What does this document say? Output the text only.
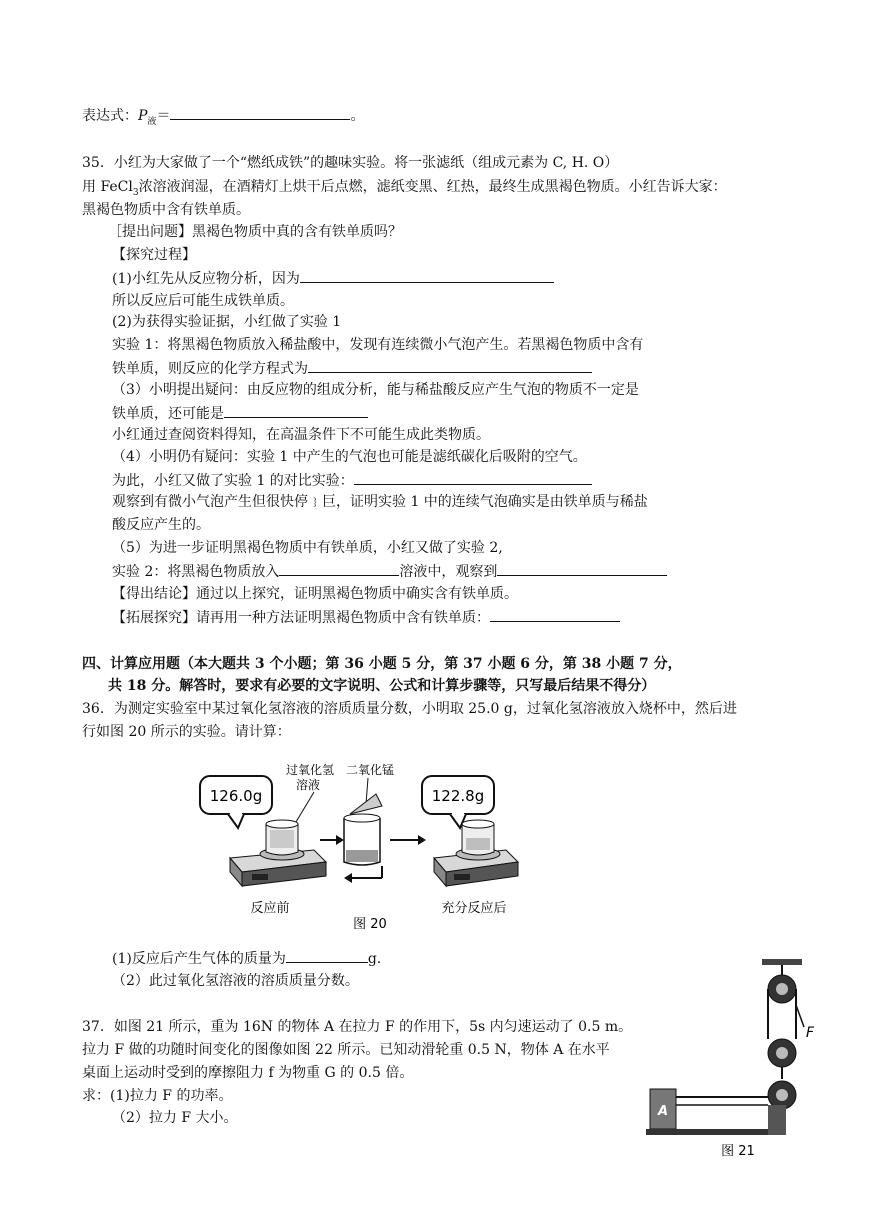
表达式：$P_液=$	。
35．小红为大家做了一个“燃纸成铁”的趣味实验。将一张滤纸（组成元素为 C, H. O）
用 FeCl$_3$浓溶液润湿，在酒精灯上烘干后点燃，滤纸变黑、红热，最终生成黑褐色物质。小红告诉大家：
黑褐色物质中含有铁单质。
［提出问题】黑褐色物质中真的含有铁单质吗？
【探究过程】
(1)小红先从反应物分析，因为
所以反应后可能生成铁单质。
(2)为获得实验证据，小红做了实验 1
实验 1：将黑褐色物质放入稀盐酸中，发现有连续微小气泡产生。若黑褐色物质中含有
铁单质，则反应的化学方程式为
（3）小明提出疑问：由反应物的组成分析，能与稀盐酸反应产生气泡的物质不一定是
铁单质，还可能是
小红通过查阅资料得知，在高温条件下不可能生成此类物质。
（4）小明仍有疑问：实验 1 中产生的气泡也可能是滤纸碳化后吸附的空气。
为此，小红又做了实验 1 的对比实验：
观察到有微小气泡产生但很快停﹜巨，证明实验 1 中的连续气泡确实是由铁单质与稀盐
酸反应产生的。
（5）为进一步证明黑褐色物质中有铁单质，小红又做了实验 2,
实验 2：将黑褐色物质放入	溶液中，观察到
【得出结论】通过以上探究，证明黑褐色物质中确实含有铁单质。
【拓展探究】请再用一种方法证明黑褐色物质中含有铁单质：
四、计算应用题（本大题共 3 个小题；第 36 小题 5 分，第 37 小题 6 分，第 38 小题 7 分，
共 18 分。解答时，要求有必要的文字说明、公式和计算步骤等，只写最后结果不得分）
36．为测定实验室中某过氧化氢溶液的溶质质量分数，小明取 25.0 g，过氧化氢溶液放入烧杯中，然后进
行如图 20 所示的实验。请计算：
126.0g
过氧化氢
溶液
二氧化锰
122.8g
反应前	充分反应后
图 20
(1)反应后产生气体的质量为	g.
（2）此过氧化氢溶液的溶质质量分数。
37．如图 21 所示，重为 16N 的物体 A 在拉力 F 的作用下，5s 内匀速运动了 0.5 m。
拉力 F 做的功随时间变化的图像如图 22 所示。已知动滑轮重 0.5 N，物体 A 在水平
桌面上运动时受到的摩擦阻力 f 为物重 G 的 0.5 倍。
求：(1)拉力 F 的功率。
（2）拉力 F 大小。
F
A
图 21
